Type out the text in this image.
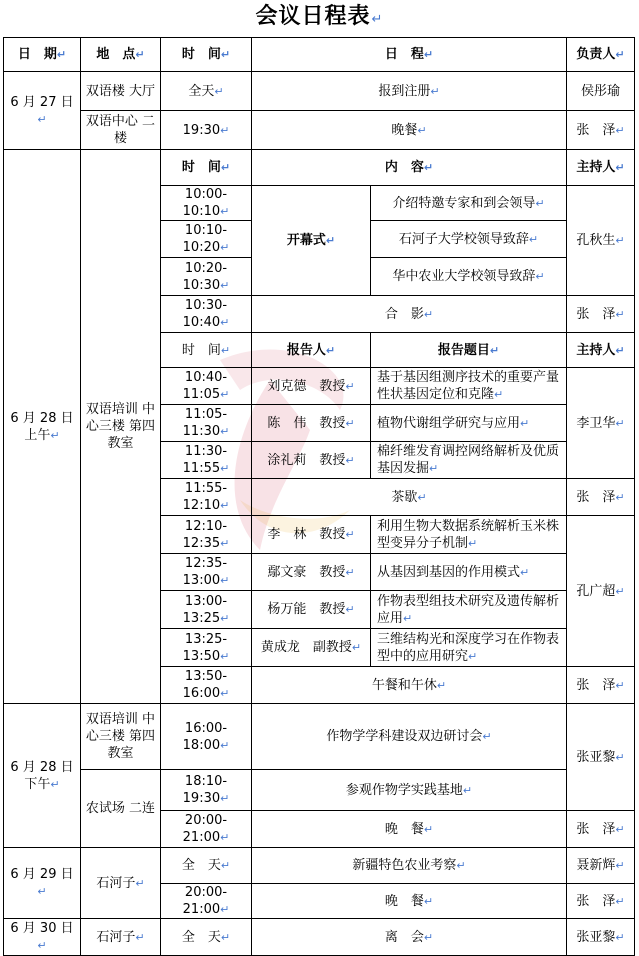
会议日程表↵
日　期 ↵	地　点 ↵	时　间 ↵	日　程 ↵		负责人 ↵
6 月 27 日 ↵	双语楼 大厅	全天 ↵	报到注册 ↵		侯彤瑜
	双语中心 二楼	19:30 ↵	晚餐 ↵		张　泽 ↵
6 月 28 日 上午 ↵	双语培训 中心三楼 第四教室	时　间 ↵	内　容 ↵		主持人 ↵
		10:00-10:10 ↵	开幕式 ↵	介绍特邀专家和到会领导 ↵	孔秋生 ↵
		10:10-10:20 ↵		石河子大学校领导致辞 ↵
		10:20-10:30 ↵		华中农业大学校领导致辞 ↵
		10:30-10:40 ↵	合　影 ↵		张　泽 ↵
		时　间 ↵	报告人 ↵	报告题目 ↵	主持人 ↵
		10:40-11:05 ↵	刘克德　教授 ↵	基于基因组测序技术的重要产量性状基因定位和克隆 ↵	李卫华 ↵
		11:05-11:30 ↵	陈　伟　教授 ↵	植物代谢组学研究与应用 ↵
		11:30-11:55 ↵	涂礼莉　教授 ↵	棉纤维发育调控网络解析及优质基因发掘 ↵
		11:55-12:10 ↵	茶歇 ↵		张　泽 ↵
		12:10-12:35 ↵	李　林　教授 ↵	利用生物大数据系统解析玉米株型变异分子机制 ↵	孔广超 ↵
		12:35-13:00 ↵	鄢文豪　教授 ↵	从基因到基因的作用模式 ↵
		13:00-13:25 ↵	杨万能　教授 ↵	作物表型组技术研究及遗传解析应用 ↵
		13:25-13:50 ↵	黄成龙　副教授 ↵	三维结构光和深度学习在作物表型中的应用研究 ↵
		13:50-16:00 ↵	午餐和午休 ↵		张　泽 ↵
6 月 28 日 下午 ↵	双语培训 中心三楼 第四教室	16:00-18:00 ↵	作物学学科建设双边研讨会 ↵		张亚黎 ↵
	农试场 二连	18:10-19:30 ↵	参观作物学实践基地 ↵
		20:00-21:00 ↵	晚　餐 ↵		张　泽 ↵
6 月 29 日 ↵	石河子 ↵	全　天 ↵	新疆特色农业考察 ↵		聂新辉 ↵
		20:00-21:00 ↵	晚　餐 ↵		张　泽 ↵
6 月 30 日 ↵	石河子 ↵	全　天 ↵	离　会 ↵		张亚黎 ↵
